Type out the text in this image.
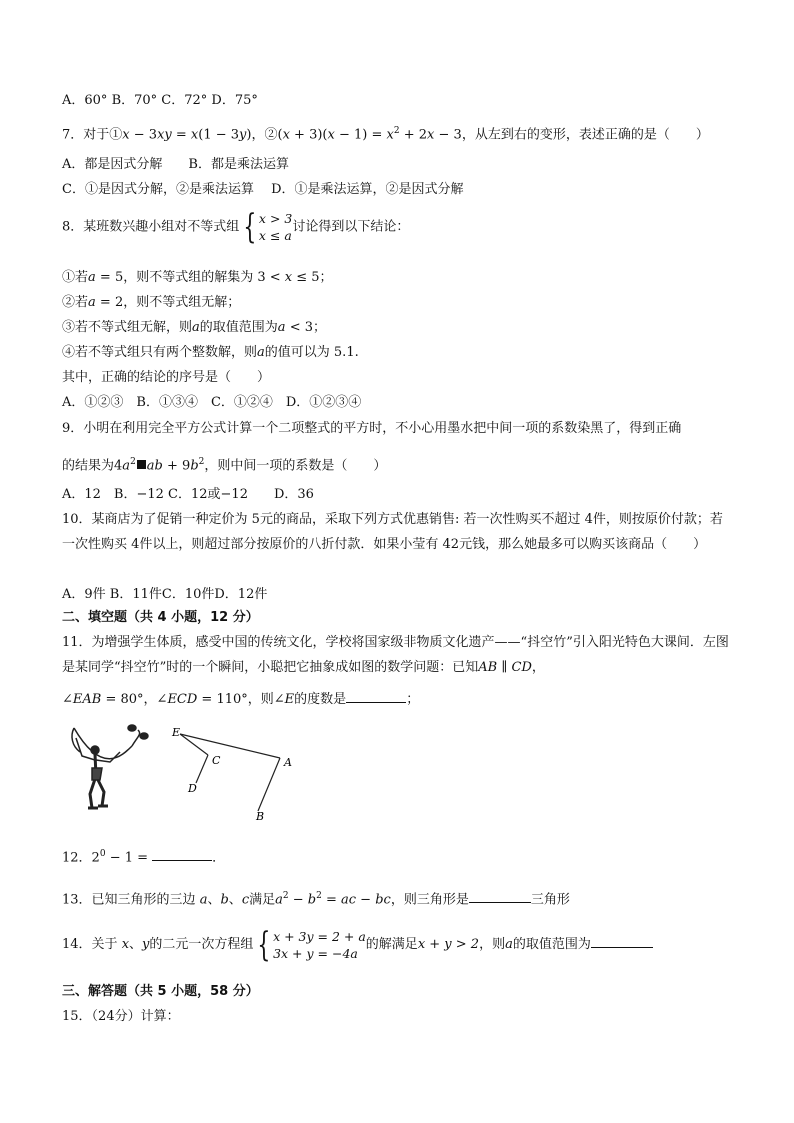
A．60° B．70° C．72° D．75°
7．对于①x − 3xy = x(1 − 3y)，②(x + $3)(x - 1) = x^2 + 2x - 3$，从左到右的变形，表述正确的是（　　）
A．都是因式分解　　B．都是乘法运算
C．①是因式分解，②是乘法运算　 D．①是乘法运算，②是因式分解
8．某班数兴趣小组对不等式组 { x > 3
x ≤ a
讨论得到以下结论：
①若a = 5，则不等式组的解集为 3 < x ≤ 5；
②若a = 2，则不等式组无解；
③若不等式组无解，则a的取值范围为a < 3；
④若不等式组只有两个整数解，则a的值可以为 5.1.
其中，正确的结论的序号是（　　）
A．①②③　B．①③④　C．①②④　D．①②③④
9．小明在利用完全平方公式计算一个二项整式的平方时，不小心用墨水把中间一项的系数染黑了，得到正确
的结果为$4a^2$ ab + $9b^2$，则中间一项的系数是（　　）
A．12　B．−12 C．12或−12　　D．36
10．某商店为了促销一种定价为 5元的商品，采取下列方式优惠销售: 若一次性购买不超过 4件，则按原价付款；若一次性购买 4件以上，则超过部分按原价的八折付款．如果小莹有 42元钱，那么她最多可以购买该商品（　　）
A．9件 B．11件C．10件D．12件
二、填空题（共 4 小题，12 分）
11．为增强学生体质，感受中国的传统文化，学校将国家级非物质文化遗产——“抖空竹”引入阳光特色大课间．左图是某同学“抖空竹”时的一个瞬间，小聪把它抽象成如图的数学问题：已知AB ∥ CD，
∠EAB = 80°，∠ECD = 110°，则∠E的度数是	；
E
C	A
D
B
12．$2^0 - 1$ =	．
13．已知三角形的三边 a、b、c满足$a^2 - b^2$ = ac − bc，则三角形是	三角形
14．关于 x、y的二元一次方程组 { x + 3y = 2 + a
3x + y = −4a
的解满足x + y > 2，则a的取值范围为
三、解答题（共 5 小题，58 分）
15．（24分）计算：
